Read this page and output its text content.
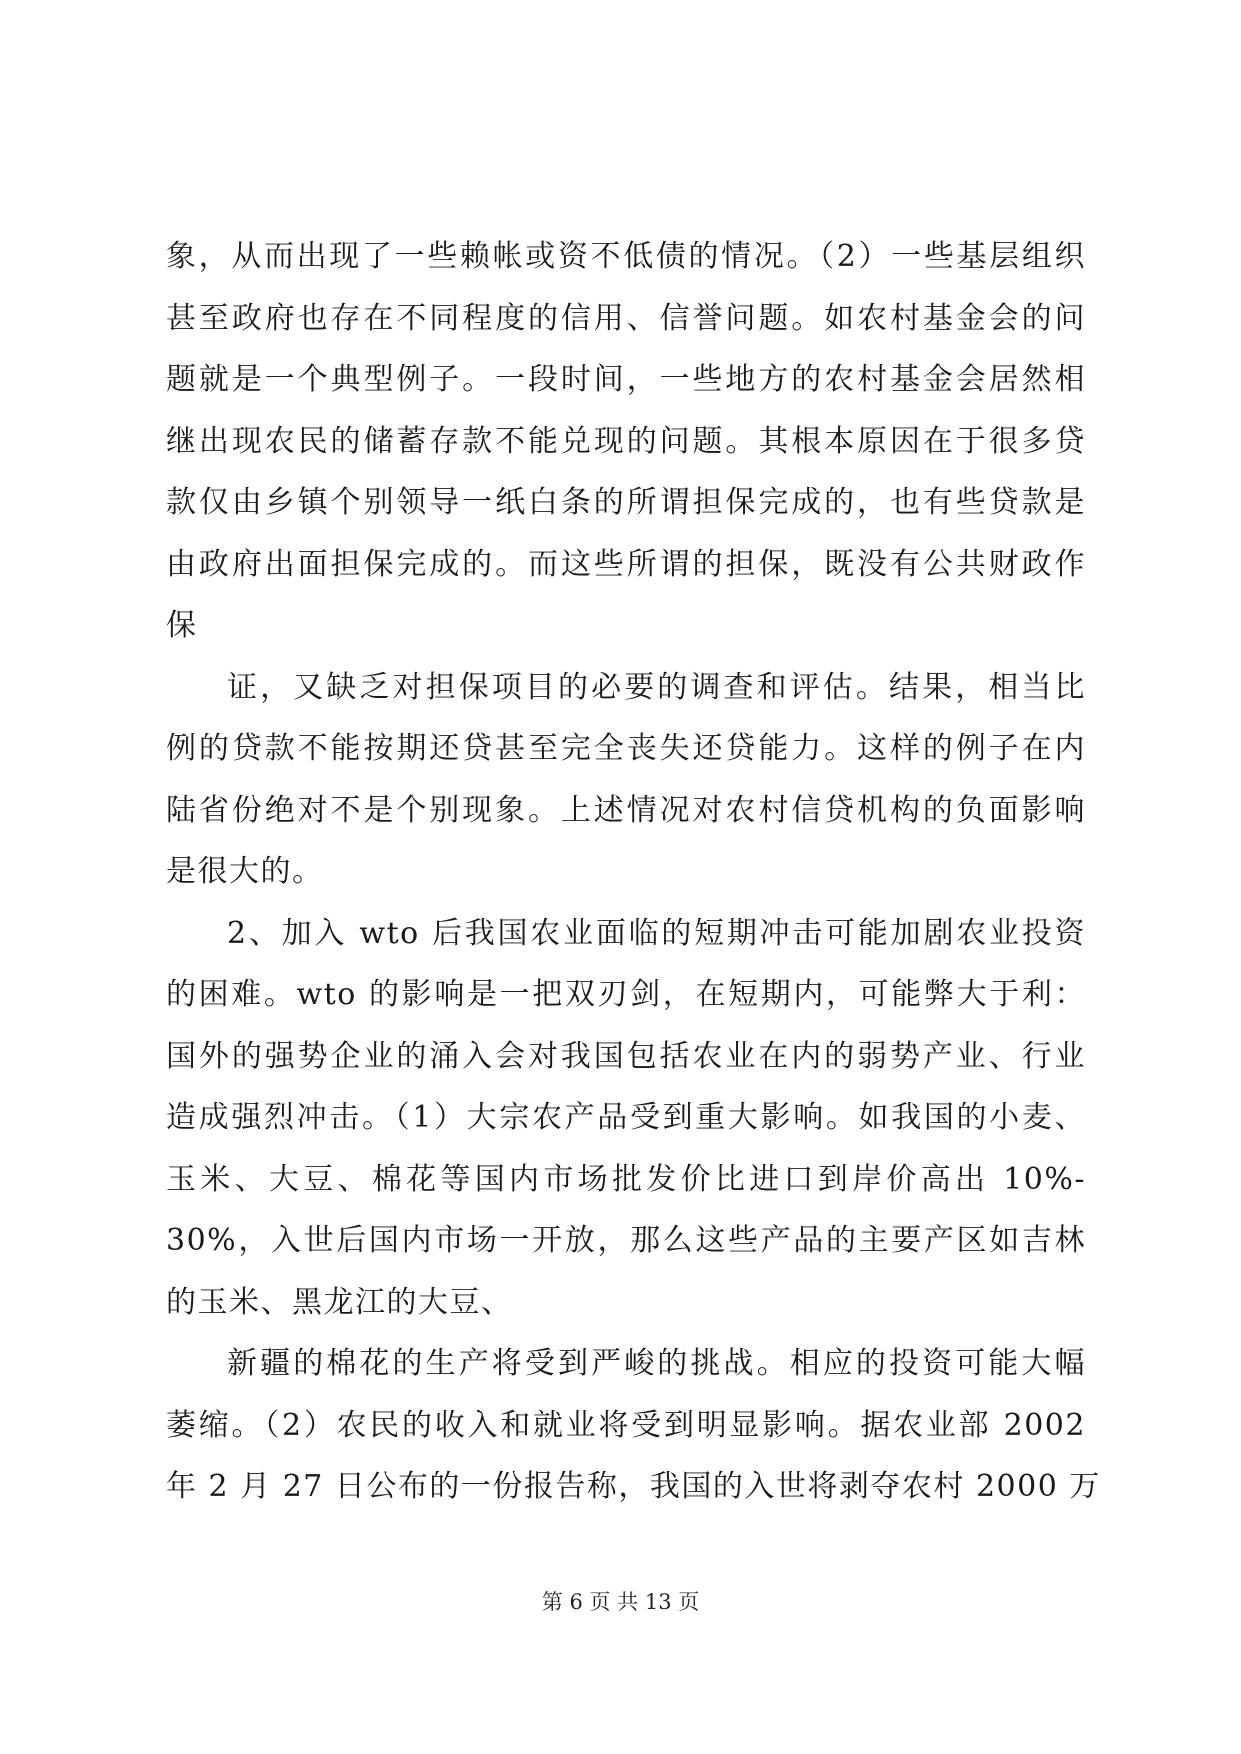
象，从而出现了一些赖帐或资不低债的情况。（2）一些基层组织
甚至政府也存在不同程度的信用、信誉问题。如农村基金会的问
题就是一个典型例子。一段时间，一些地方的农村基金会居然相
继出现农民的储蓄存款不能兑现的问题。其根本原因在于很多贷
款仅由乡镇个别领导一纸白条的所谓担保完成的，也有些贷款是
由政府出面担保完成的。而这些所谓的担保，既没有公共财政作
保
证，又缺乏对担保项目的必要的调查和评估。结果，相当比
例的贷款不能按期还贷甚至完全丧失还贷能力。这样的例子在内
陆省份绝对不是个别现象。上述情况对农村信贷机构的负面影响
是很大的。
2、加入 wto 后我国农业面临的短期冲击可能加剧农业投资
的困难。wto 的影响是一把双刃剑，在短期内，可能弊大于利：
国外的强势企业的涌入会对我国包括农业在内的弱势产业、行业
造成强烈冲击。（1）大宗农产品受到重大影响。如我国的小麦、
玉米、大豆、棉花等国内市场批发价比进口到岸价高出 10%-
30%，入世后国内市场一开放，那么这些产品的主要产区如吉林
的玉米、黑龙江的大豆、
新疆的棉花的生产将受到严峻的挑战。相应的投资可能大幅
萎缩。（2）农民的收入和就业将受到明显影响。据农业部 2002
年 2 月 27 日公布的一份报告称，我国的入世将剥夺农村 2000 万
第 6 页 共 13 页
